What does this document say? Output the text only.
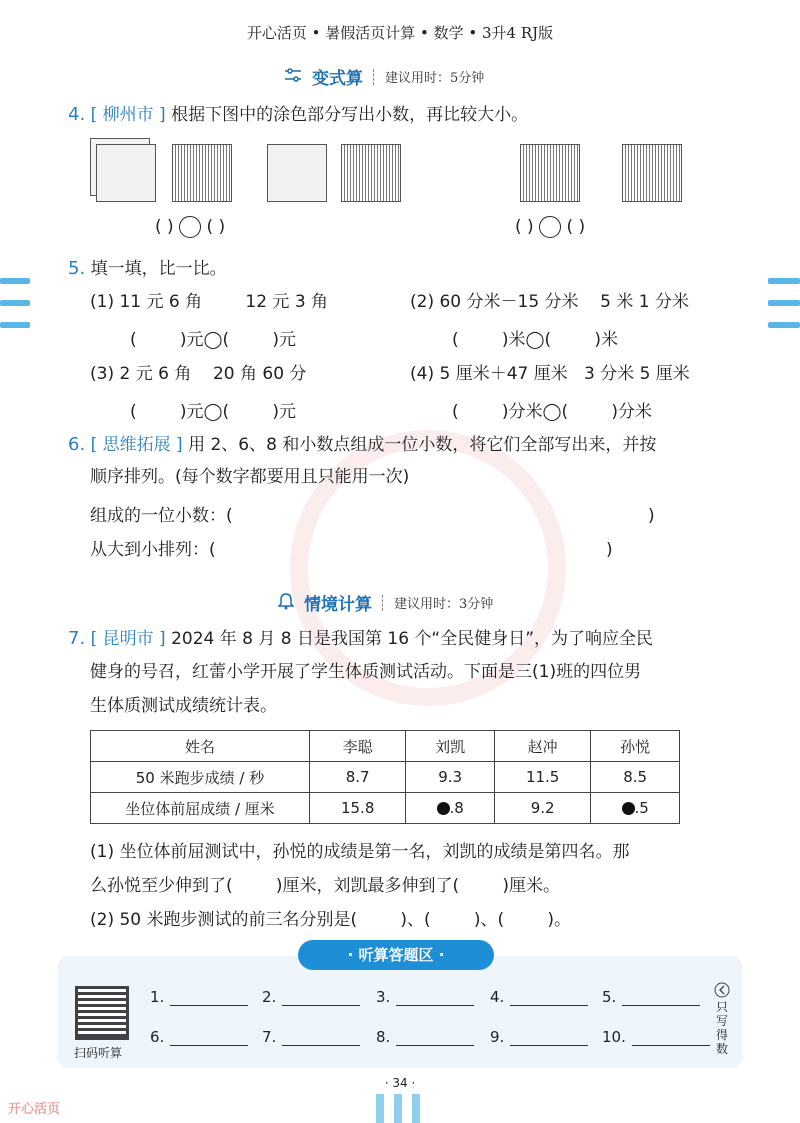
开心活页 • 暑假活页计算 • 数学 • 3升4 RJ版
变式算 建议用时：5分钟
4. [ 柳州市 ] 根据下图中的涂色部分写出小数，再比较大小。
( ) ( )	( ) ( )
5. 填一填，比一比。
(1) 11 元 6 角        12 元 3 角	(2) 60 分米－15 分米    5 米 1 分米
(        )元◯(        )元	(        )米◯(        )米
(3) 2 元 6 角    20 角 60 分	(4) 5 厘米＋47 厘米   3 分米 5 厘米
(        )元◯(        )元	(        )分米◯(        )分米
6. [ 思维拓展 ] 用 2、6、8 和小数点组成一位小数，将它们全部写出来，并按
顺序排列。(每个数字都要用且只能用一次)
组成的一位小数：(	)
从大到小排列：(	)
情境计算 建议用时：3分钟
7. [ 昆明市 ] 2024 年 8 月 8 日是我国第 16 个“全民健身日”，为了响应全民
健身的号召，红蕾小学开展了学生体质测试活动。下面是三(1)班的四位男
生体质测试成绩统计表。
姓名	李聪	刘凯	赵冲	孙悦
50 米跑步成绩 / 秒	8.7	9.3	11.5	8.5
坐位体前屈成绩 / 厘米	15.8	.8	9.2	.5
(1) 坐位体前屈测试中，孙悦的成绩是第一名，刘凯的成绩是第四名。那
么孙悦至少伸到了(        )厘米，刘凯最多伸到了(        )厘米。
(2) 50 米跑步测试的前三名分别是(        )、(        )、(        )。
· 听算答题区 ·
扫码听算
1.	2.	3.	4.	5.
6.	7.	8.	9.	10.
只写得数
· 34 ·
开心活页
